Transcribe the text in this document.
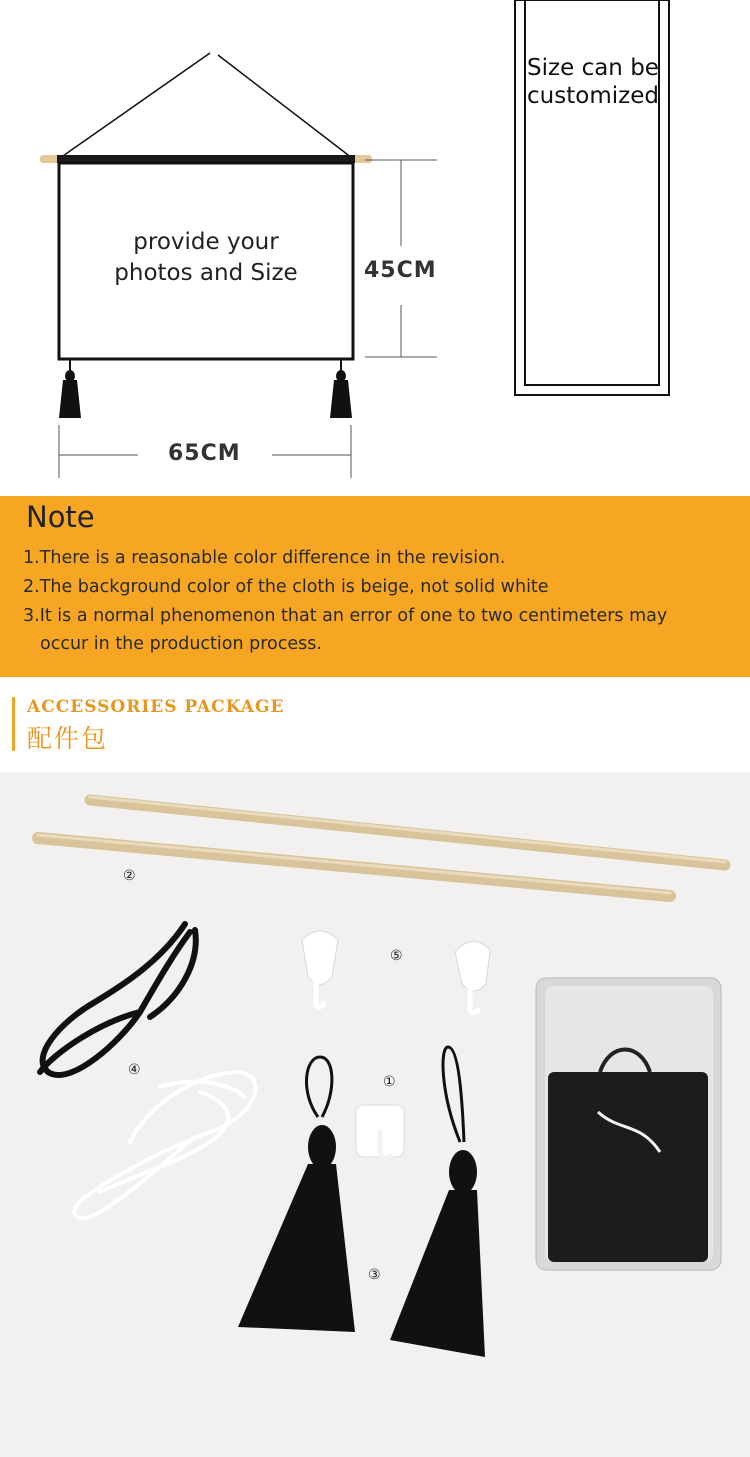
provide your
photos and Size	45CM
65CM
Size can be
customized
Note
1.There is a reasonable color difference in the revision.
2.The background color of the cloth is beige, not solid white
3.It is a normal phenomenon that an error of one to two centimeters may
occur in the production process.
ACCESSORIES PACKAGE
配件包
①
②
③
④
⑤
